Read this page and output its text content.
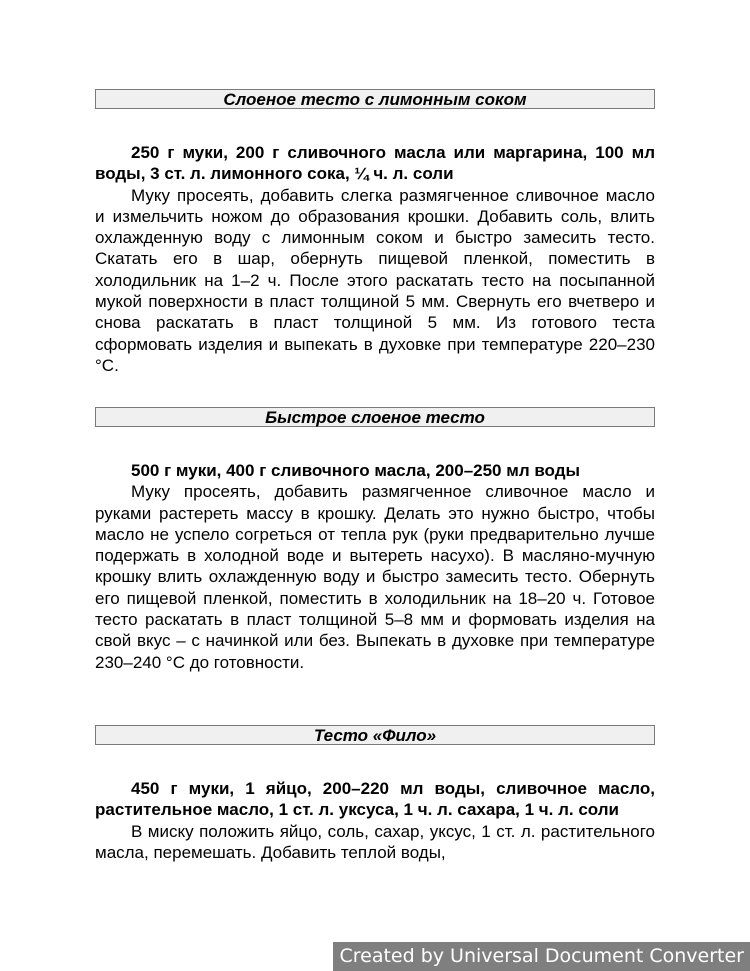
Слоеное тесто с лимонным соком

250 г муки, 200 г сливочного масла или маргарина, 100 мл воды, 3 ст. л. лимонного сока, ¼ ч. л. соли

Муку просеять, добавить слегка размягченное сливочное масло и измельчить ножом до образования крошки. Добавить соль, влить охлажденную воду с лимонным соком и быстро замесить тесто. Скатать его в шар, обернуть пищевой пленкой, поместить в холодильник на 1–2 ч. После этого раскатать тесто на посыпанной мукой поверхности в пласт толщиной 5 мм. Свернуть его вчетверо и снова раскатать в пласт толщиной 5 мм. Из готового теста сформовать изделия и выпекать в духовке при температуре 220–230 °С.

Быстрое слоеное тесто

500 г муки, 400 г сливочного масла, 200–250 мл воды

Муку просеять, добавить размягченное сливочное масло и руками растереть массу в крошку. Делать это нужно быстро, чтобы масло не успело согреться от тепла рук (руки предварительно лучше подержать в холодной воде и вытереть насухо). В масляно-мучную крошку влить охлажденную воду и быстро замесить тесто. Обернуть его пищевой пленкой, поместить в холодильник на 18–20 ч. Готовое тесто раскатать в пласт толщиной 5–8 мм и формовать изделия на свой вкус – с начинкой или без. Выпекать в духовке при температуре 230–240 °С до готовности.

Тесто «Фило»

450 г муки, 1 яйцо, 200–220 мл воды, сливочное масло, растительное масло, 1 ст. л. уксуса, 1 ч. л. сахара, 1 ч. л. соли

В миску положить яйцо, соль, сахар, уксус, 1 ст. л. растительного масла, перемешать. Добавить теплой воды,

Created by Universal Document Converter
